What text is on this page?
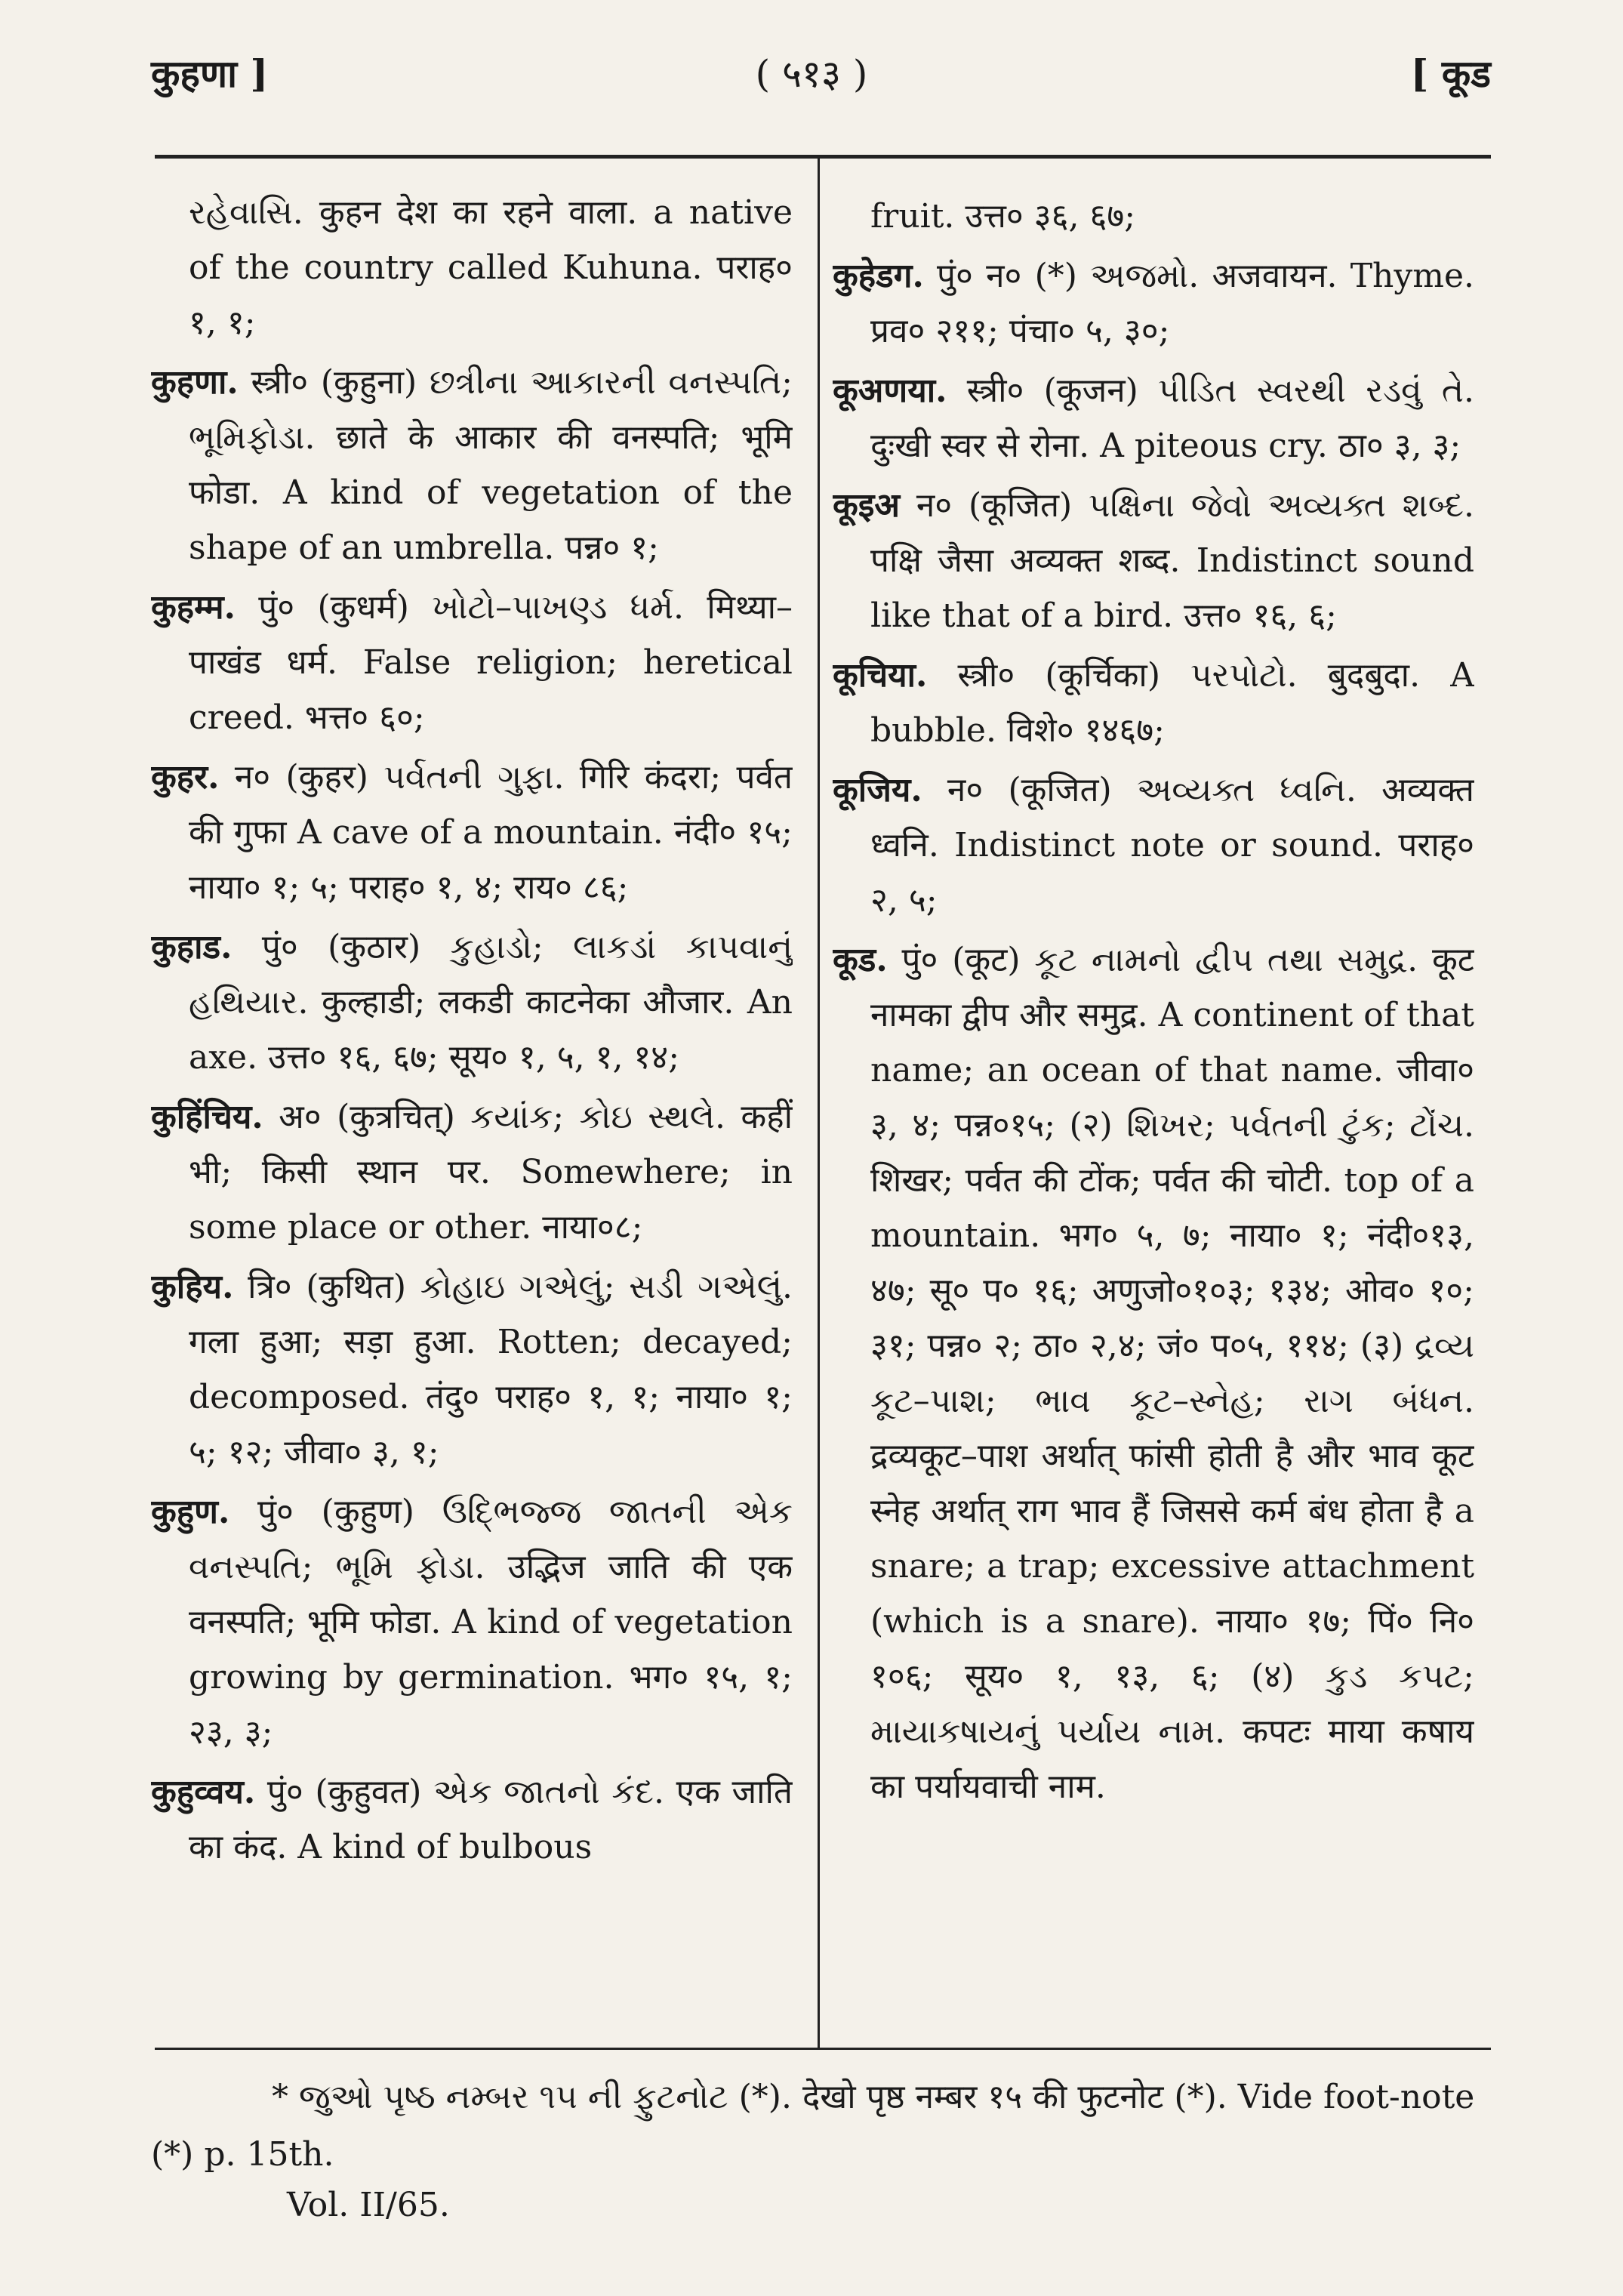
कुहणा ]	( ५१३ )	[ कूड

રહેવાસિ. कुहन देश का रहने वाला. a native of the country called Kuhuna. पराह० १, १;

कुहणा. स्त्री० (कुहुना) છત્રીના આકારની વનસ્પતિ; ભૂમિફોડા. छाते के आकार की वनस्पति; भूमि फोडा. A kind of vegetation of the shape of an umbrella. पन्न० १;

कुहम्म. पुं० (कुधर्म) ખોટો–પાખણ્ડ ધર્મ. मिथ्या–पाखंड धर्म. False religion; heretical creed. भत्त० ६०;

कुहर. न० (कुहर) પર્વતની ગુફા. गिरि कंदरा; पर्वत की गुफा A cave of a mountain. नंदी० १५; नाया० १; ५; पराह० १, ४; राय० ८६;

कुहाड. पुं० (कुठार) કુહાડો; લાકડાં કાપવાનું હથિયાર. कुल्हाडी; लकडी काटनेका औजार. An axe. उत्त० १६, ६७; सूय० १, ५, १, १४;

कुहिंचिय. अ० (कुत्रचित्) કયાંક; કોઇ સ્થલે. कहीं भी; किसी स्थान पर. Somewhere; in some place or other. नाया०८;

कुहिय. त्रि० (कुथित) કોહાઇ ગએલું; સડી ગએલું. गला हुआ; सड़ा हुआ. Rotten; decayed; decomposed. तंदु० पराह० १, १; नाया० १; ५; १२; जीवा० ३, १;

कुहुण. पुं० (कुहुण) ઉદ્ભિજ્જ જાતની એક વનસ્પતિ; ભૂમિ ફોડા. उद्भिज जाति की एक वनस्पति; भूमि फोडा. A kind of vegetation growing by germination. भग० १५, १; २३, ३;

कुहुव्वय. पुं० (कुहुवत) એક જાતનો કંદ. एक जाति का कंद. A kind of bulbous

fruit. उत्त० ३६, ६७;

कुहेडग. पुं० न० (*) અજમો. अजवायन. Thyme. प्रव० २११; पंचा० ५, ३०;

कूअणया. स्त्री० (कूजन) પીડિત સ્વરથી રડવું તે. दुःखी स्वर से रोना. A piteous cry. ठा० ३, ३;

कूइअ न० (कूजित) પક્ષિના જેવો અવ્યક્ત શબ્દ. पक्षि जैसा अव्यक्त शब्द. Indistinct sound like that of a bird. उत्त० १६, ६;

कूचिया. स्त्री० (कूर्चिका) પરપોટો. बुदबुदा. A bubble. विशे० १४६७;

कूजिय. न० (कूजित) અવ્યક્ત ધ્વનિ. अव्यक्त ध्वनि. Indistinct note or sound. पराह० २, ५;

कूड. पुं० (कूट) કૂટ નામનો દ્વીપ તથા સમુદ્ર. कूट नामका द्वीप और समुद्र. A continent of that name; an ocean of that name. जीवा० ३, ४; पन्न०१५; (२) શિખર; પર્વતની ટુંક; ટોંચ. शिखर; पर्वत की टोंक; पर्वत की चोटी. top of a mountain. भग० ५, ७; नाया० १; नंदी०१३, ४७; सू० प० १६; अणुजो०१०३; १३४; ओव० १०; ३१; पन्न० २; ठा० २,४; जं० प०५, ११४; (३) દ્રવ્ય કૂટ–પાશ; ભાવ કૂટ–સ્નેહ; રાગ બંધન. द्रव्यकूट–पाश अर्थात् फांसी होती है और भाव कूट स्नेह अर्थात् राग भाव हैं जिससे कर्म बंध होता है a snare; a trap; excessive attachment (which is a snare). नाया० १७; पिं० नि० १०६; सूय० १, १३, ६; (४) કુડ કપટ; માયાકષાયનું પર્યાય નામ. कपटः माया कषाय का पर्यायवाची नाम.

* જુઓ પૃષ્ઠ નમ્બર ૧૫ ની ફુટનોટ (*). देखो पृष्ठ नम्बर १५ की फुटनोट (*). Vide foot-note (*) p. 15th.
Vol. II/65.
